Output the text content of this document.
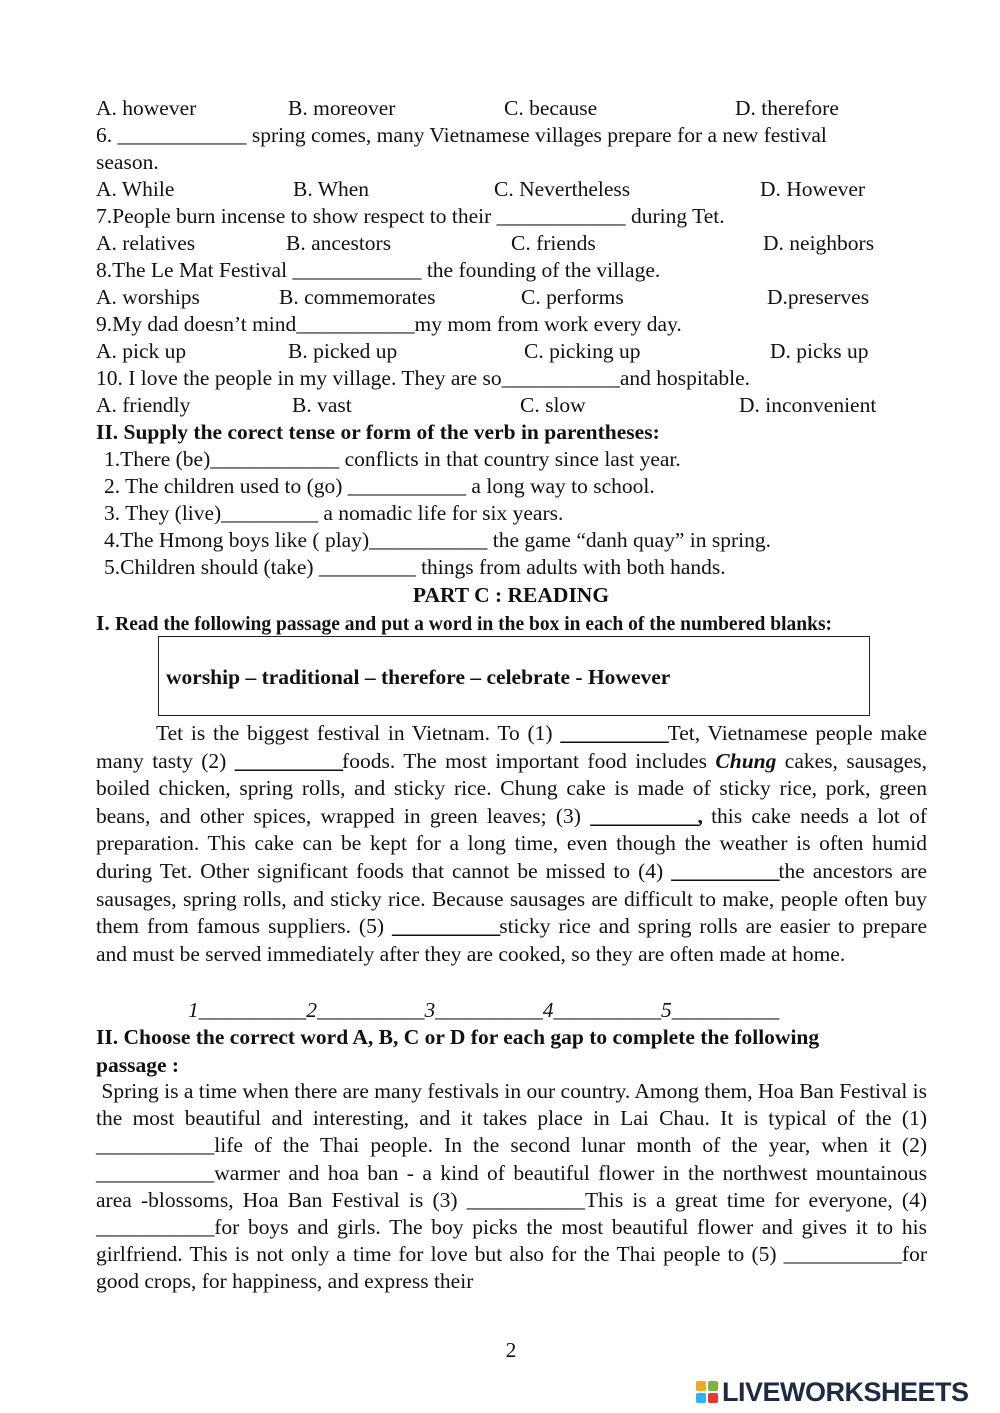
A. however	B. moreover	C. because	D. therefore
6. ____________ spring comes, many Vietnamese villages prepare for a new festival
season.
A. While	B. When	C. Nevertheless	D. However
7.People burn incense to show respect to their ____________ during Tet.
A. relatives	B. ancestors	C. friends	D. neighbors
8.The Le Mat Festival ____________ the founding of the village.
A. worships	B. commemorates	C. performs	D.preserves
9.My dad doesn’t mind___________my mom from work every day.
A. pick up	B. picked up	C. picking up	D. picks up
10. I love the people in my village. They are so___________and hospitable.
A. friendly	B. vast	C. slow	D. inconvenient
II. Supply the corect tense or form of the verb in parentheses:
1.There (be)____________ conflicts in that country since last year.
2. The children used to (go) ___________ a long way to school.
3. They (live)_________ a nomadic life for six years.
4.The Hmong boys like ( play)___________ the game “danh quay” in spring.
5.Children should (take) _________ things from adults with both hands.
PART C : READING
I. Read the following passage and put a word in the box in each of the numbered blanks:
worship – traditional – therefore – celebrate - However
Tet is the biggest festival in Vietnam. To (1) ___________Tet, Vietnamese people make many tasty (2) ___________foods. The most important food includes Chung cakes, sausages, boiled chicken, spring rolls, and sticky rice. Chung cake is made of sticky rice, pork, green beans, and other spices, wrapped in green leaves; (3) ___________, this cake needs a lot of preparation. This cake can be kept for a long time, even though the weather is often humid during Tet. Other significant foods that cannot be missed to (4) ___________the ancestors are sausages, spring rolls, and sticky rice. Because sausages are difficult to make, people often buy them from famous suppliers. (5) ___________sticky rice and spring rolls are easier to prepare and must be served immediately after they are cooked, so they are often made at home.
1__________2__________3__________4__________5__________
II. Choose the correct word A, B, C or D for each gap to complete the following
passage :
Spring is a time when there are many festivals in our country. Among them, Hoa Ban Festival is the most beautiful and interesting, and it takes place in Lai Chau. It is typical of the (1) ___________life of the Thai people. In the second lunar month of the year, when it (2) ___________warmer and hoa ban - a kind of beautiful flower in the northwest mountainous area -blossoms, Hoa Ban Festival is (3) ___________This is a great time for everyone, (4) ___________for boys and girls. The boy picks the most beautiful flower and gives it to his girlfriend. This is not only a time for love but also for the Thai people to (5) ___________for good crops, for happiness, and express their
2
LIVEWORKSHEETS
